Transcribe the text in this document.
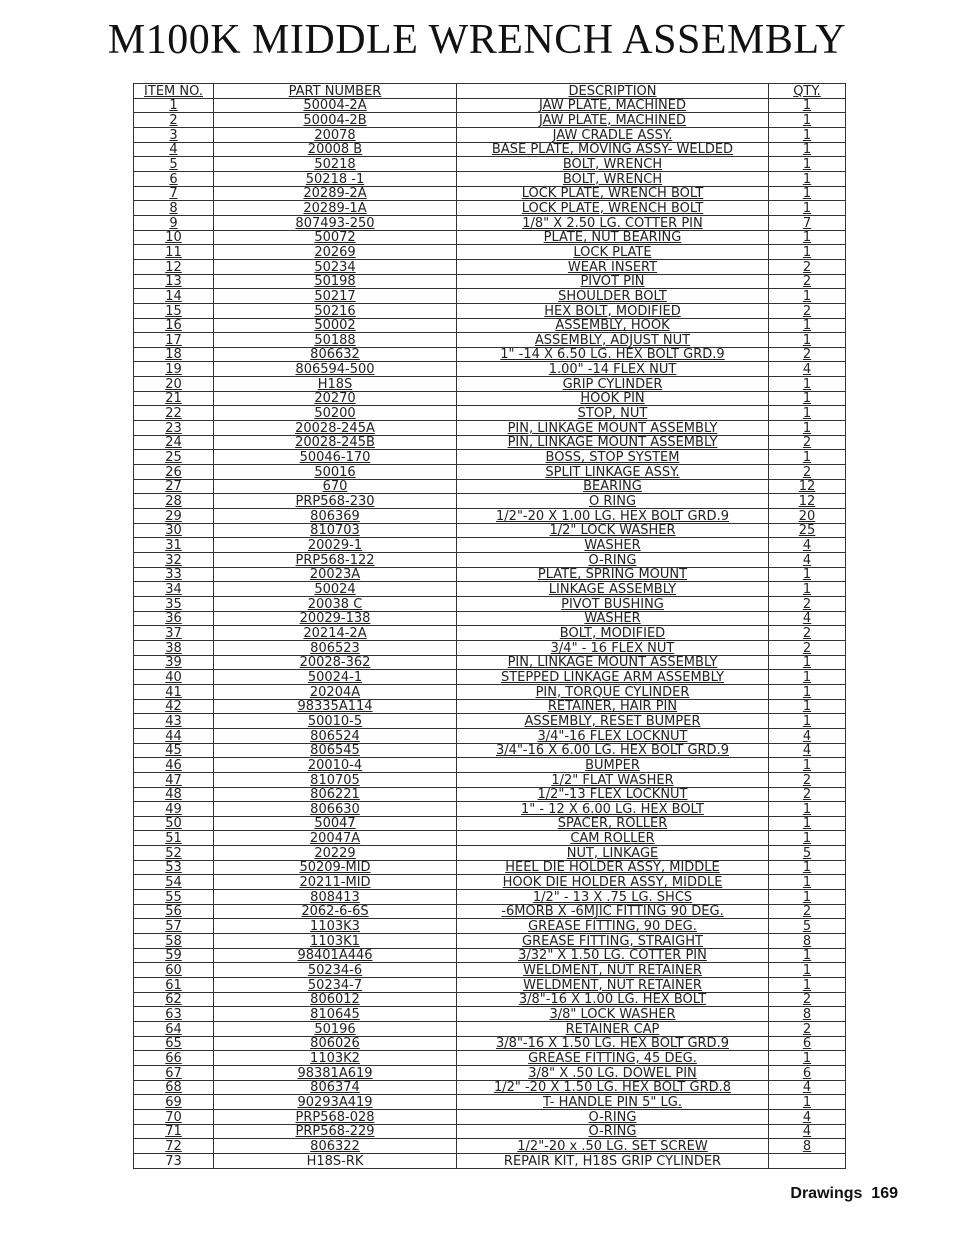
M100K MIDDLE WRENCH ASSEMBLY
ITEM NO.	PART NUMBER	DESCRIPTION	QTY.
1	50004-2A	JAW PLATE, MACHINED	1
2	50004-2B	JAW PLATE, MACHINED	1
3	20078	JAW CRADLE ASSY.	1
4	20008 B	BASE PLATE, MOVING ASSY- WELDED	1
5	50218	BOLT, WRENCH	1
6	50218 -1	BOLT, WRENCH	1
7	20289-2A	LOCK PLATE, WRENCH BOLT	1
8	20289-1A	LOCK PLATE, WRENCH BOLT	1
9	807493-250	1/8" X 2.50 LG. COTTER PIN	7
10	50072	PLATE, NUT BEARING	1
11	20269	LOCK PLATE	1
12	50234	WEAR INSERT	2
13	50198	PIVOT PIN	2
14	50217	SHOULDER BOLT	1
15	50216	HEX BOLT, MODIFIED	2
16	50002	ASSEMBLY, HOOK	1
17	50188	ASSEMBLY, ADJUST NUT	1
18	806632	1" -14 X 6.50 LG. HEX BOLT GRD.9	2
19	806594-500	1.00" -14 FLEX NUT	4
20	H18S	GRIP CYLINDER	1
21	20270	HOOK PIN	1
22	50200	STOP, NUT	1
23	20028-245A	PIN, LINKAGE MOUNT ASSEMBLY	1
24	20028-245B	PIN, LINKAGE MOUNT ASSEMBLY	2
25	50046-170	BOSS, STOP SYSTEM	1
26	50016	SPLIT LINKAGE ASSY.	2
27	670	BEARING	12
28	PRP568-230	O RING	12
29	806369	1/2"-20 X 1.00 LG. HEX BOLT GRD.9	20
30	810703	1/2" LOCK WASHER	25
31	20029-1	WASHER	4
32	PRP568-122	O-RING	4
33	20023A	PLATE, SPRING MOUNT	1
34	50024	LINKAGE ASSEMBLY	1
35	20038 C	PIVOT BUSHING	2
36	20029-138	WASHER	4
37	20214-2A	BOLT, MODIFIED	2
38	806523	3/4" - 16 FLEX NUT	2
39	20028-362	PIN, LINKAGE MOUNT ASSEMBLY	1
40	50024-1	STEPPED LINKAGE ARM ASSEMBLY	1
41	20204A	PIN, TORQUE CYLINDER	1
42	98335A114	RETAINER, HAIR PIN	1
43	50010-5	ASSEMBLY, RESET BUMPER	1
44	806524	3/4"-16 FLEX LOCKNUT	4
45	806545	3/4"-16 X 6.00 LG. HEX BOLT GRD.9	4
46	20010-4	BUMPER	1
47	810705	1/2" FLAT WASHER	2
48	806221	1/2"-13 FLEX LOCKNUT	2
49	806630	1" - 12 X 6.00 LG. HEX BOLT	1
50	50047	SPACER, ROLLER	1
51	20047A	CAM ROLLER	1
52	20229	NUT, LINKAGE	5
53	50209-MID	HEEL DIE HOLDER ASSY, MIDDLE	1
54	20211-MID	HOOK DIE HOLDER ASSY, MIDDLE	1
55	808413	1/2" - 13 X .75 LG. SHCS	1
56	2062-6-6S	-6MORB X -6MJIC FITTING 90 DEG.	2
57	1103K3	GREASE FITTING, 90 DEG.	5
58	1103K1	GREASE FITTING, STRAIGHT	8
59	98401A446	3/32" X 1.50 LG. COTTER PIN	1
60	50234-6	WELDMENT, NUT RETAINER	1
61	50234-7	WELDMENT, NUT RETAINER	1
62	806012	3/8"-16 X 1.00 LG. HEX BOLT	2
63	810645	3/8" LOCK WASHER	8
64	50196	RETAINER CAP	2
65	806026	3/8"-16 X 1.50 LG. HEX BOLT GRD.9	6
66	1103K2	GREASE FITTING, 45 DEG.	1
67	98381A619	3/8" X .50 LG. DOWEL PIN	6
68	806374	1/2" -20 X 1.50 LG. HEX BOLT GRD.8	4
69	90293A419	T- HANDLE PIN 5" LG.	1
70	PRP568-028	O-RING	4
71	PRP568-229	O-RING	4
72	806322	1/2"-20 x .50 LG. SET SCREW	8
73	H18S-RK	REPAIR KIT, H18S GRIP CYLINDER	
Drawings 169
